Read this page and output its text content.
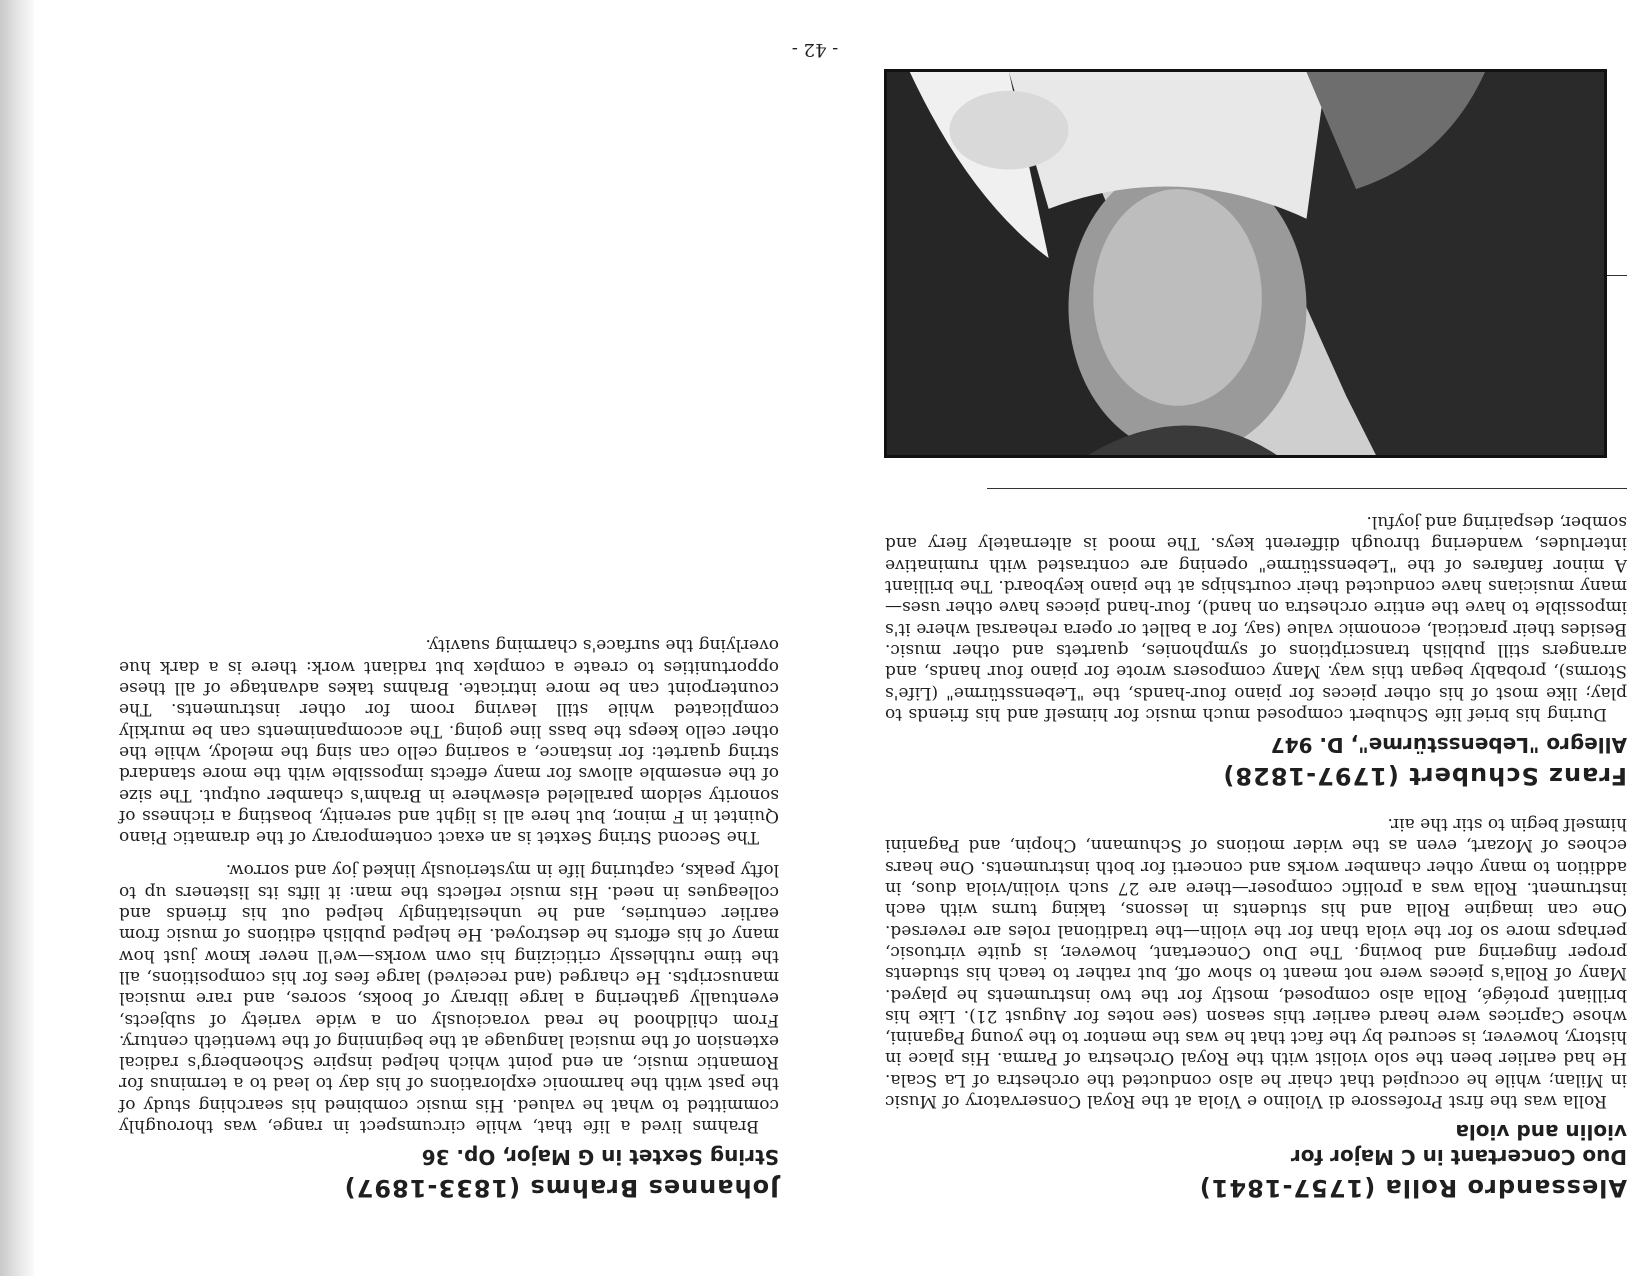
- 42 -
Alessandro Rolla (1757-1841)
Duo Concertant in C Major for
violin and viola

Rolla was the first Professore di Violino e Viola at the Royal Conservatory of Music in Milan; while he occupied that chair he also conducted the orchestra of La Scala. He had earlier been the solo violist with the Royal Orchestra of Parma. His place in history, however, is secured by the fact that he was the mentor to the young Paganini, whose Caprices were heard earlier this season (see notes for August 21). Like his brilliant protégé, Rolla also composed, mostly for the two instruments he played. Many of Rolla's pieces were not meant to show off, but rather to teach his students proper fingering and bowing. The Duo Concertant, however, is quite virtuosic, perhaps more so for the viola than for the violin—the traditional roles are reversed. One can imagine Rolla and his students in lessons, taking turns with each instrument. Rolla was a prolific composer—there are 27 such violin/viola duos, in addition to many other chamber works and concerti for both instruments. One hears echoes of Mozart, even as the wider motions of Schumann, Chopin, and Paganini himself begin to stir the air.

Franz Schubert (1797-1828)
Allegro "Lebensstürme", D. 947

During his brief life Schubert composed much music for himself and his friends to play; like most of his other pieces for piano four-hands, the "Lebensstürme" (Life's Storms), probably began this way. Many composers wrote for piano four hands, and arrangers still publish transcriptions of symphonies, quartets and other music. Besides their practical, economic value (say, for a ballet or opera rehearsal where it's impossible to have the entire orchestra on hand), four-hand pieces have other uses—many musicians have conducted their courtships at the piano keyboard. The brilliant A minor fanfares of the "Lebensstürme" opening are contrasted with ruminative interludes, wandering through different keys. The mood is alternately fiery and somber, despairing and joyful.

Johannes Brahms (1833-1897)
String Sextet in G Major, Op. 36

Brahms lived a life that, while circumspect in range, was thoroughly committed to what he valued. His music combined his searching study of the past with the harmonic explorations of his day to lead to a terminus for Romantic music, an end point which helped inspire Schoenberg's radical extension of the musical language at the beginning of the twentieth century. From childhood he read voraciously on a wide variety of subjects, eventually gathering a large library of books, scores, and rare musical manuscripts. He charged (and received) large fees for his compositions, all the time ruthlessly criticizing his own works—we'll never know just how many of his efforts he destroyed. He helped publish editions of music from earlier centuries, and he unhesitatingly helped out his friends and colleagues in need. His music reflects the man: it lifts its listeners up to lofty peaks, capturing life in mysteriously linked joy and sorrow.

The Second String Sextet is an exact contemporary of the dramatic Piano Quintet in F minor, but here all is light and serenity, boasting a richness of sonority seldom paralleled elsewhere in Brahm's chamber output. The size of the ensemble allows for many effects impossible with the more standard string quartet: for instance, a soaring cello can sing the melody, while the other cello keeps the bass line going. The accompaniments can be murkily complicated while still leaving room for other instruments. The counterpoint can be more intricate. Brahms takes advantage of all these opportunities to create a complex but radiant work: there is a dark hue overlying the surface's charming suavity.
